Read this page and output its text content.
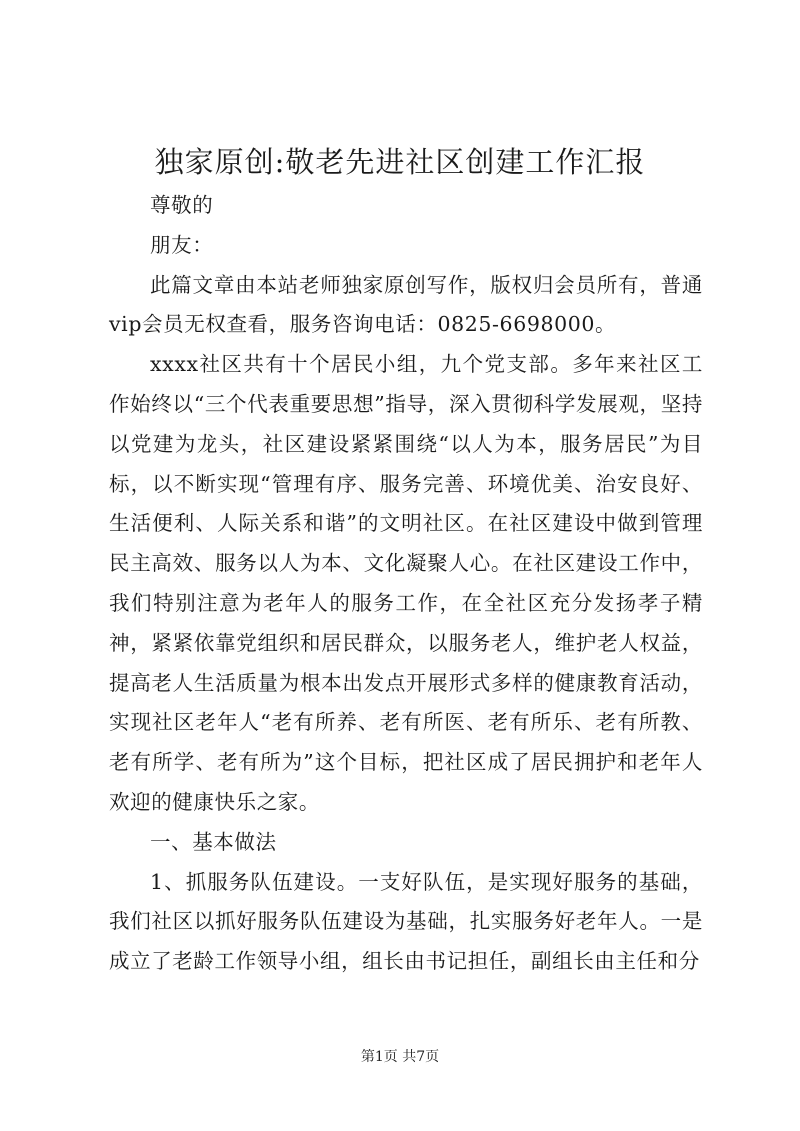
独家原创:敬老先进社区创建工作汇报

尊敬的

朋友：

此篇文章由本站老师独家原创写作，版权归会员所有，普通vip会员无权查看，服务咨询电话：0825-6698000。

xxxx社区共有十个居民小组，九个党支部。多年来社区工作始终以“三个代表重要思想”指导，深入贯彻科学发展观，坚持以党建为龙头，社区建设紧紧围绕“以人为本，服务居民”为目标，以不断实现“管理有序、服务完善、环境优美、治安良好、生活便利、人际关系和谐”的文明社区。在社区建设中做到管理民主高效、服务以人为本、文化凝聚人心。在社区建设工作中，我们特别注意为老年人的服务工作，在全社区充分发扬孝子精神，紧紧依靠党组织和居民群众，以服务老人，维护老人权益，提高老人生活质量为根本出发点开展形式多样的健康教育活动，实现社区老年人“老有所养、老有所医、老有所乐、老有所教、老有所学、老有所为”这个目标，把社区成了居民拥护和老年人欢迎的健康快乐之家。

一、基本做法

1、抓服务队伍建设。一支好队伍，是实现好服务的基础，我们社区以抓好服务队伍建设为基础，扎实服务好老年人。一是成立了老龄工作领导小组，组长由书记担任，副组长由主任和分

第1页 共7页
